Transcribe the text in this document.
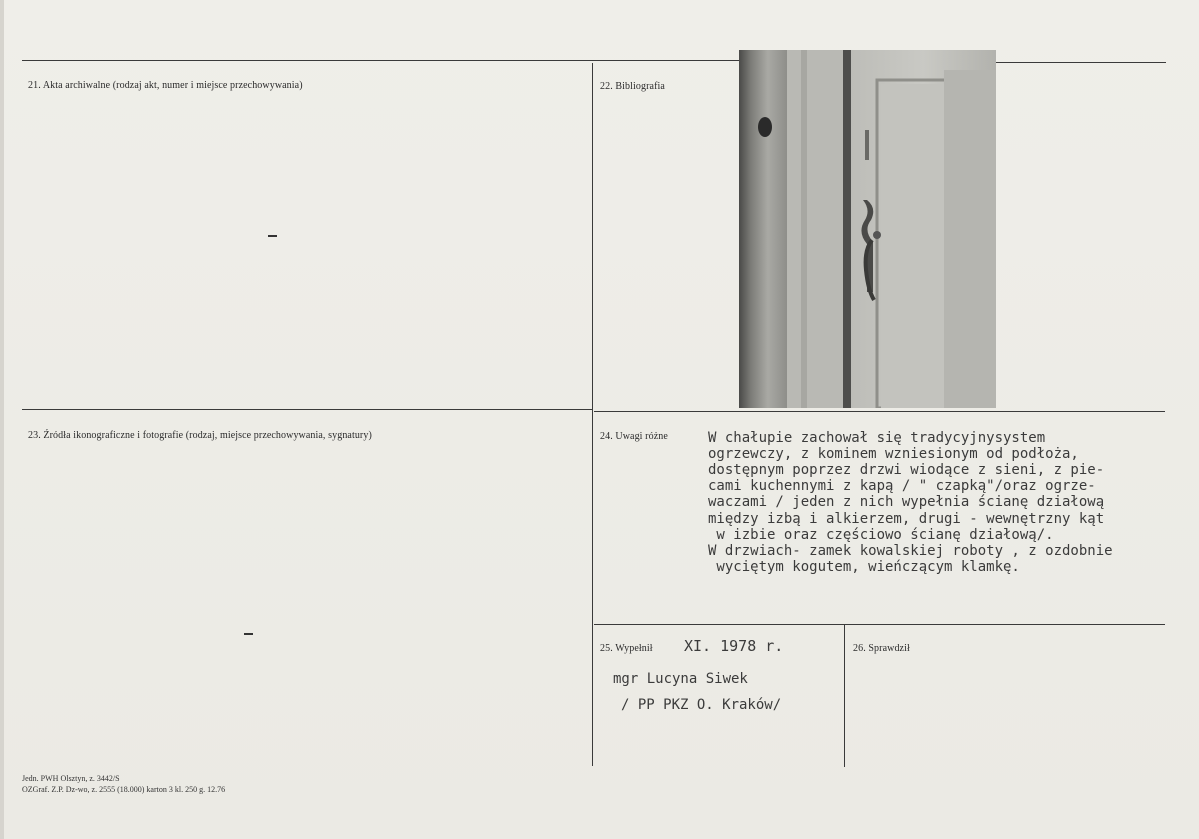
21. Akta archiwalne (rodzaj akt, numer i miejsce przechowywania)	22. Bibliografia
23. Źródła ikonograficzne i fotografie (rodzaj, miejsce przechowywania, sygnatury)	24. Uwagi różne
25. Wypełnił	26. Sprawdził
W chałupie zachował się tradycyjnysystem
ogrzewczy, z kominem wzniesionym od podłoża,
dostępnym poprzez drzwi wiodące z sieni, z pie-
cami kuchennymi z kapą / " czapką"/oraz ogrze-
waczami / jeden z nich wypełnia ścianę działową
między izbą i alkierzem, drugi - wewnętrzny kąt
w izbie oraz częściowo ścianę działową/.
W drzwiach- zamek kowalskiej roboty , z ozdobnie
wyciętym kogutem, wieńczącym klamkę.
XI. 1978 r.
mgr Lucyna Siwek
/ PP PKZ O. Kraków/
Jedn. PWH Olsztyn, z. 3442/S
OZGraf. Z.P. Dz-wo, z. 2555 (18.000) karton 3 kl. 250 g. 12.76
